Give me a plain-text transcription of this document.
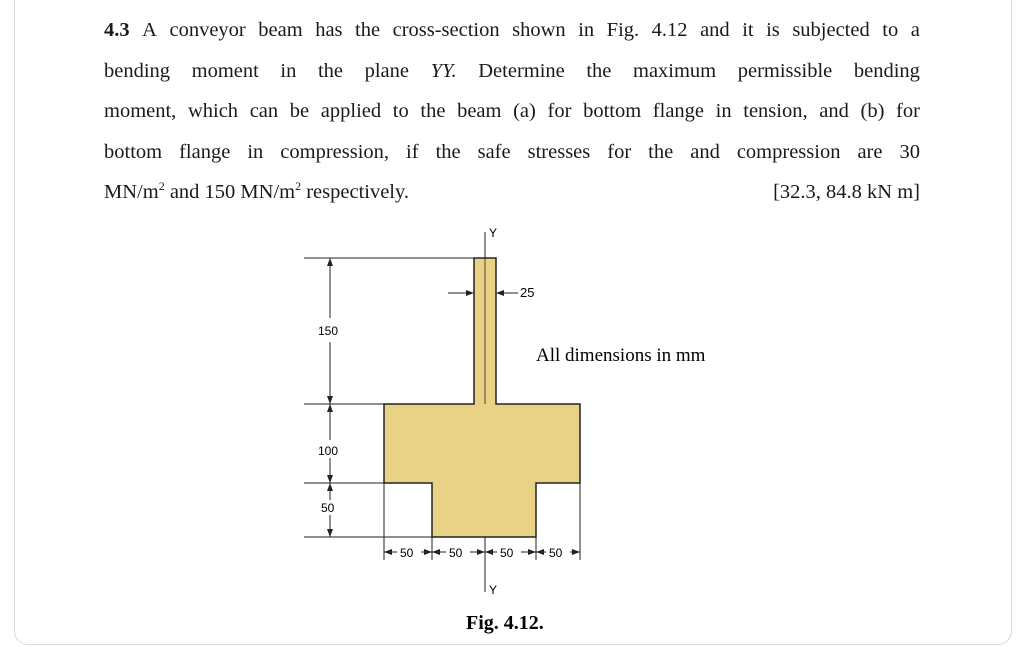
4.3 A conveyor beam has the cross-section shown in Fig. 4.12 and it is subjected to a
bending moment in the plane YY. Determine the maximum permissible bending
moment, which can be applied to the beam (a) for bottom flange in tension, and (b) for
bottom flange in compression, if the safe stresses for the and compression are 30
$MN/m^2$ and 150 $MN/m^2$ respectively.	[32.3, 84.8 kN m]
Y
Y
25
All dimensions in mm
150
100
50
50	50	50	50
Fig. 4.12.
